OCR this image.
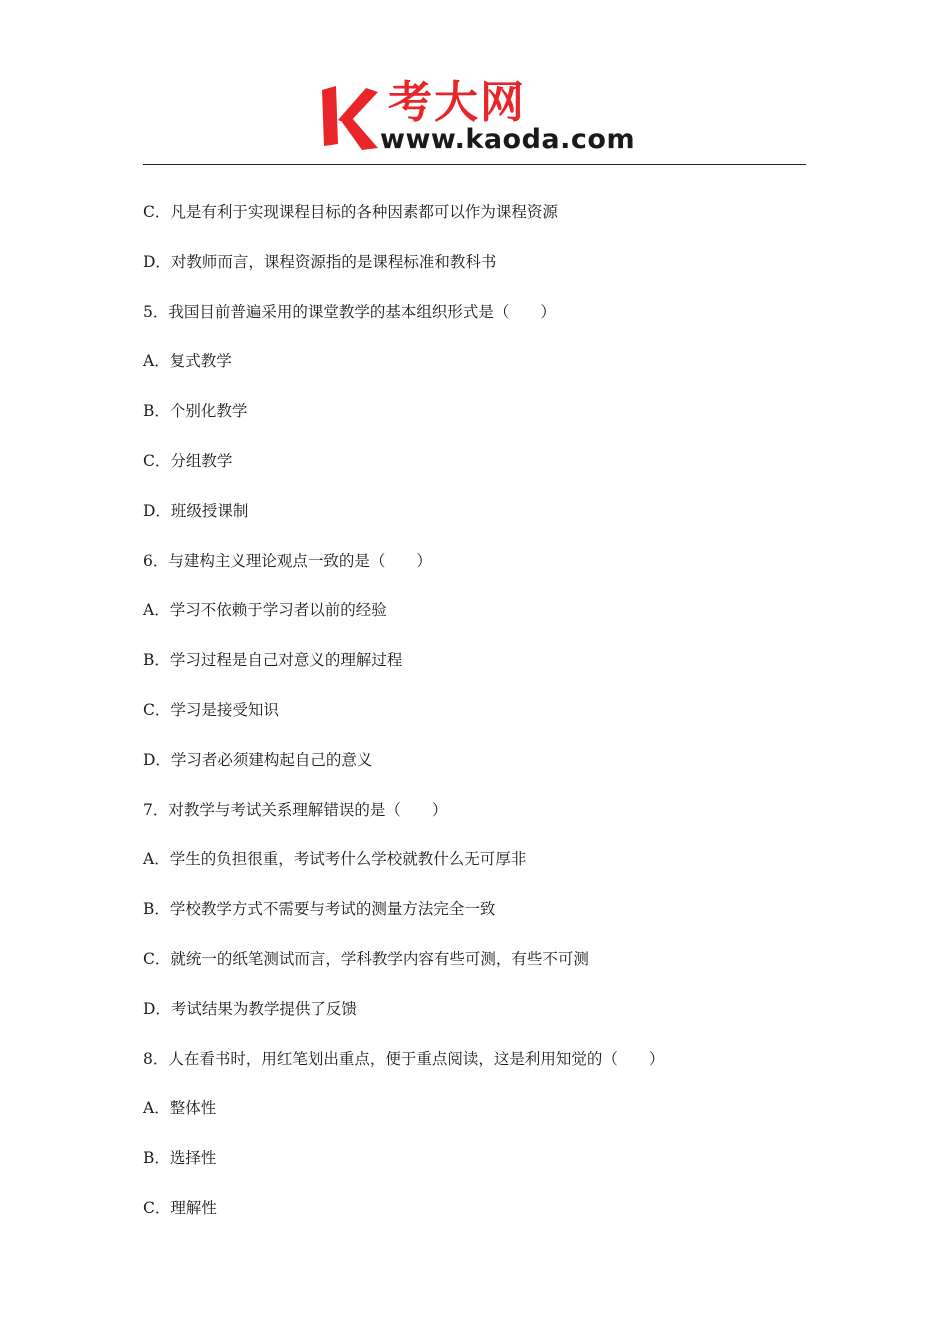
考大网
www.kaoda.com
C．凡是有利于实现课程目标的各种因素都可以作为课程资源
D．对教师而言，课程资源指的是课程标准和教科书
5．我国目前普遍采用的课堂教学的基本组织形式是（　　）
A．复式教学
B．个别化教学
C．分组教学
D．班级授课制
6．与建构主义理论观点一致的是（　　）
A．学习不依赖于学习者以前的经验
B．学习过程是自己对意义的理解过程
C．学习是接受知识
D．学习者必须建构起自己的意义
7．对教学与考试关系理解错误的是（　　）
A．学生的负担很重，考试考什么学校就教什么无可厚非
B．学校教学方式不需要与考试的测量方法完全一致
C．就统一的纸笔测试而言，学科教学内容有些可测，有些不可测
D．考试结果为教学提供了反馈
8．人在看书时，用红笔划出重点，便于重点阅读，这是利用知觉的（　　）
A．整体性
B．选择性
C．理解性
